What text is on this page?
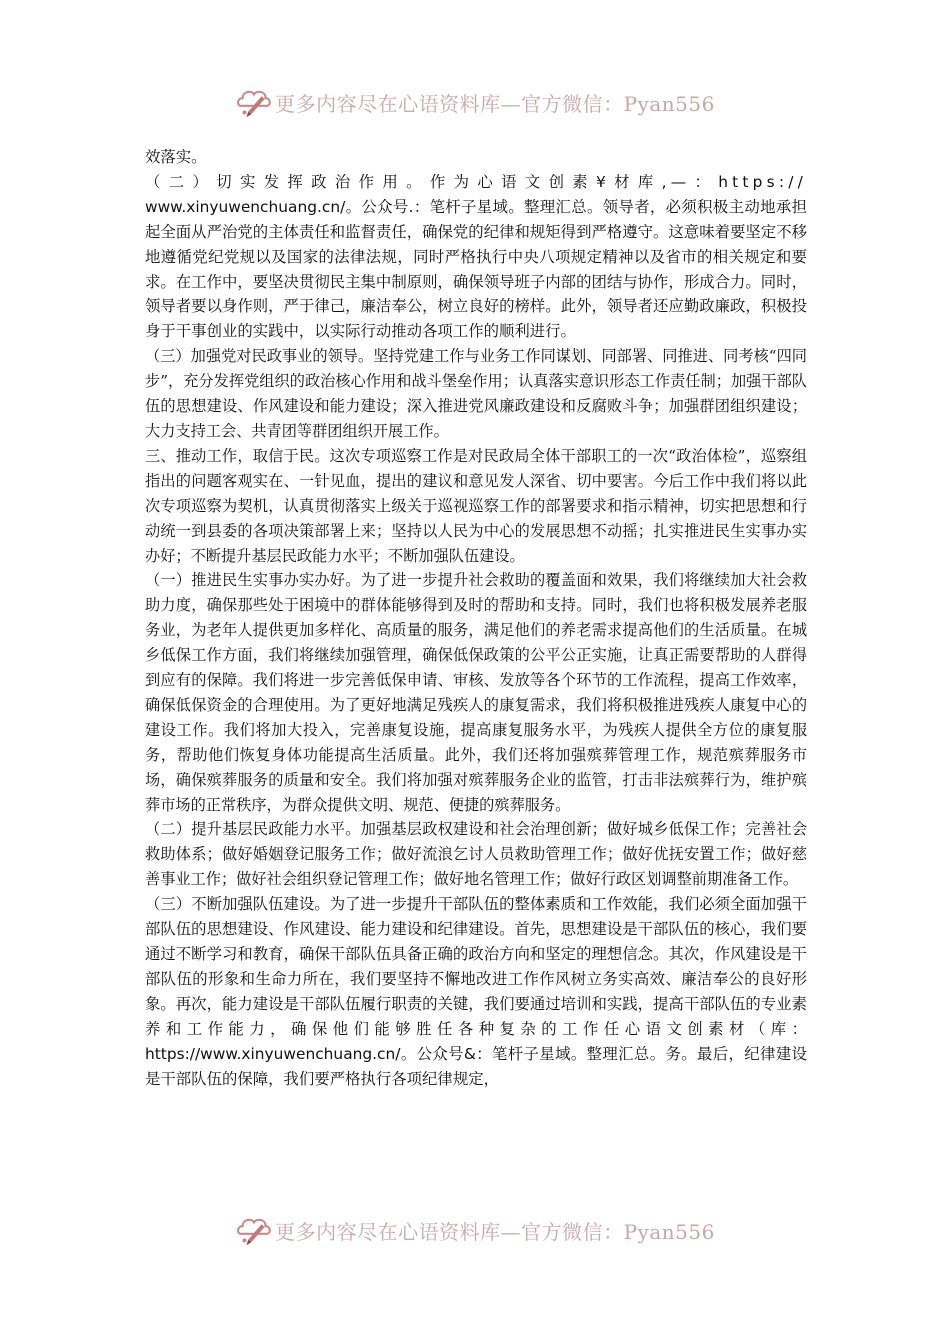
更多内容尽在心语资料库—官方微信：Pyan556

效落实。

（二）切实发挥政治作用。作为心语文创素¥材库,—：https://

www.xinyuwenchuang.cn/。公众号.：笔杆子星域。整理汇总。领导者，必须积极主动地承担起全面从严治党的主体责任和监督责任，确保党的纪律和规矩得到严格遵守。这意味着要坚定不移地遵循党纪党规以及国家的法律法规，同时严格执行中央八项规定精神以及省市的相关规定和要求。在工作中，要坚决贯彻民主集中制原则，确保领导班子内部的团结与协作，形成合力。同时，领导者要以身作则，严于律己，廉洁奉公，树立良好的榜样。此外，领导者还应勤政廉政，积极投身于干事创业的实践中，以实际行动推动各项工作的顺利进行。

（三）加强党对民政事业的领导。坚持党建工作与业务工作同谋划、同部署、同推进、同考核“四同步”，充分发挥党组织的政治核心作用和战斗堡垒作用；认真落实意识形态工作责任制；加强干部队伍的思想建设、作风建设和能力建设；深入推进党风廉政建设和反腐败斗争；加强群团组织建设；大力支持工会、共青团等群团组织开展工作。

三、推动工作，取信于民。这次专项巡察工作是对民政局全体干部职工的一次“政治体检”，巡察组指出的问题客观实在、一针见血，提出的建议和意见发人深省、切中要害。今后工作中我们将以此次专项巡察为契机，认真贯彻落实上级关于巡视巡察工作的部署要求和指示精神，切实把思想和行动统一到县委的各项决策部署上来；坚持以人民为中心的发展思想不动摇；扎实推进民生实事办实办好；不断提升基层民政能力水平；不断加强队伍建设。

（一）推进民生实事办实办好。为了进一步提升社会救助的覆盖面和效果，我们将继续加大社会救助力度，确保那些处于困境中的群体能够得到及时的帮助和支持。同时，我们也将积极发展养老服务业，为老年人提供更加多样化、高质量的服务，满足他们的养老需求提高他们的生活质量。在城乡低保工作方面，我们将继续加强管理，确保低保政策的公平公正实施，让真正需要帮助的人群得到应有的保障。我们将进一步完善低保申请、审核、发放等各个环节的工作流程，提高工作效率，确保低保资金的合理使用。为了更好地满足残疾人的康复需求，我们将积极推进残疾人康复中心的建设工作。我们将加大投入，完善康复设施，提高康复服务水平，为残疾人提供全方位的康复服务，帮助他们恢复身体功能提高生活质量。此外，我们还将加强殡葬管理工作，规范殡葬服务市场，确保殡葬服务的质量和安全。我们将加强对殡葬服务企业的监管，打击非法殡葬行为，维护殡葬市场的正常秩序，为群众提供文明、规范、便捷的殡葬服务。

（二）提升基层民政能力水平。加强基层政权建设和社会治理创新；做好城乡低保工作；完善社会救助体系；做好婚姻登记服务工作；做好流浪乞讨人员救助管理工作；做好优抚安置工作；做好慈善事业工作；做好社会组织登记管理工作；做好地名管理工作；做好行政区划调整前期准备工作。

（三）不断加强队伍建设。为了进一步提升干部队伍的整体素质和工作效能，我们必须全面加强干部队伍的思想建设、作风建设、能力建设和纪律建设。首先，思想建设是干部队伍的核心，我们要通过不断学习和教育，确保干部队伍具备正确的政治方向和坚定的理想信念。其次，作风建设是干部队伍的形象和生命力所在，我们要坚持不懈地改进工作作风树立务实高效、廉洁奉公的良好形象。再次，能力建设是干部队伍履行职责的关键，我们要通过培训和实践，提高干部队伍的专业素养和工作能力，确保他们能够胜任各种复杂的工作任心语文创素材（库：https://www.xinyuwenchuang.cn/。公众号&：笔杆子星域。整理汇总。务。最后，纪律建设是干部队伍的保障，我们要严格执行各项纪律规定，

更多内容尽在心语资料库—官方微信：Pyan556
